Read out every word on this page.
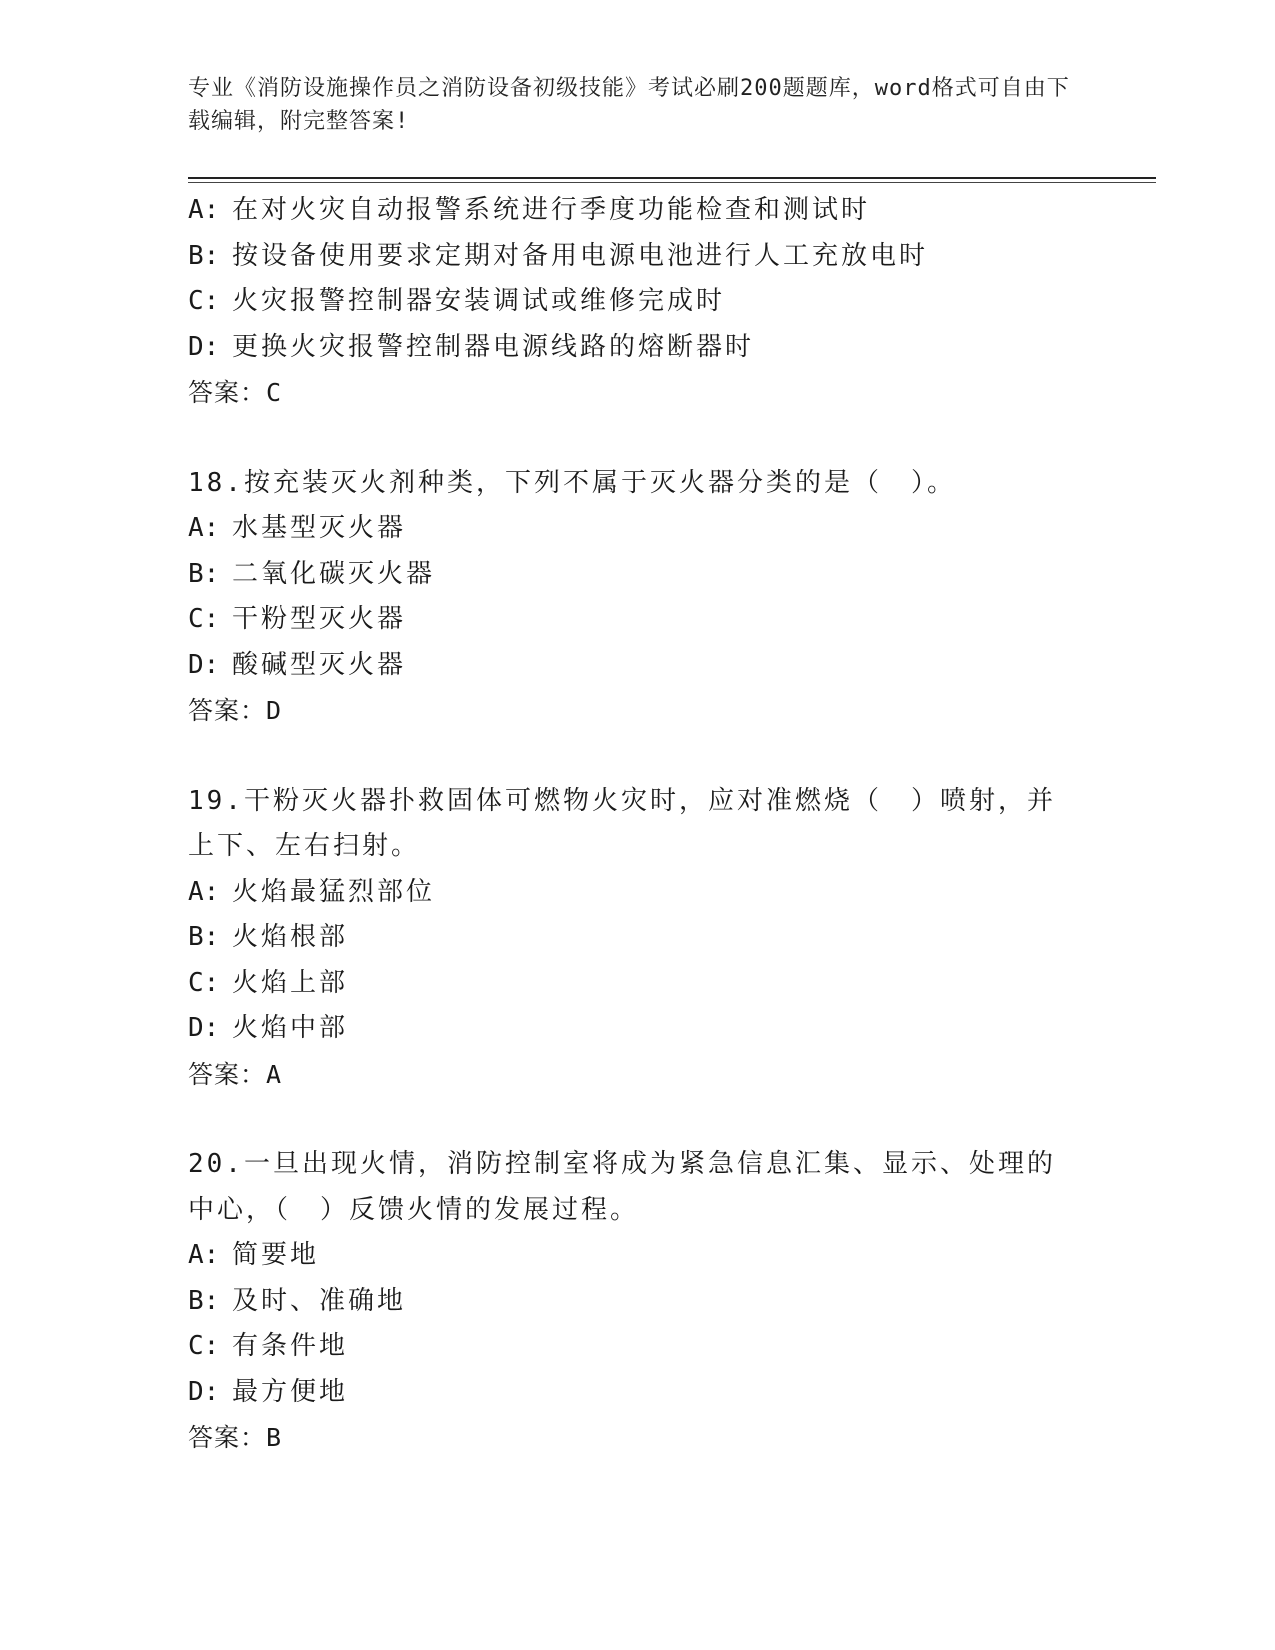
专业《消防设施操作员之消防设备初级技能》考试必刷200题题库，word格式可自由下载编辑，附完整答案!
A: 在对火灾自动报警系统进行季度功能检查和测试时
B: 按设备使用要求定期对备用电源电池进行人工充放电时
C: 火灾报警控制器安装调试或维修完成时
D: 更换火灾报警控制器电源线路的熔断器时
答案：C
18.按充装灭火剂种类，下列不属于灭火器分类的是（　）。
A: 水基型灭火器
B: 二氧化碳灭火器
C: 干粉型灭火器
D: 酸碱型灭火器
答案：D
19.干粉灭火器扑救固体可燃物火灾时，应对准燃烧（　）喷射，并上下、左右扫射。
A: 火焰最猛烈部位
B: 火焰根部
C: 火焰上部
D: 火焰中部
答案：A
20.一旦出现火情，消防控制室将成为紧急信息汇集、显示、处理的中心，（　）反馈火情的发展过程。
A: 简要地
B: 及时、准确地
C: 有条件地
D: 最方便地
答案：B
